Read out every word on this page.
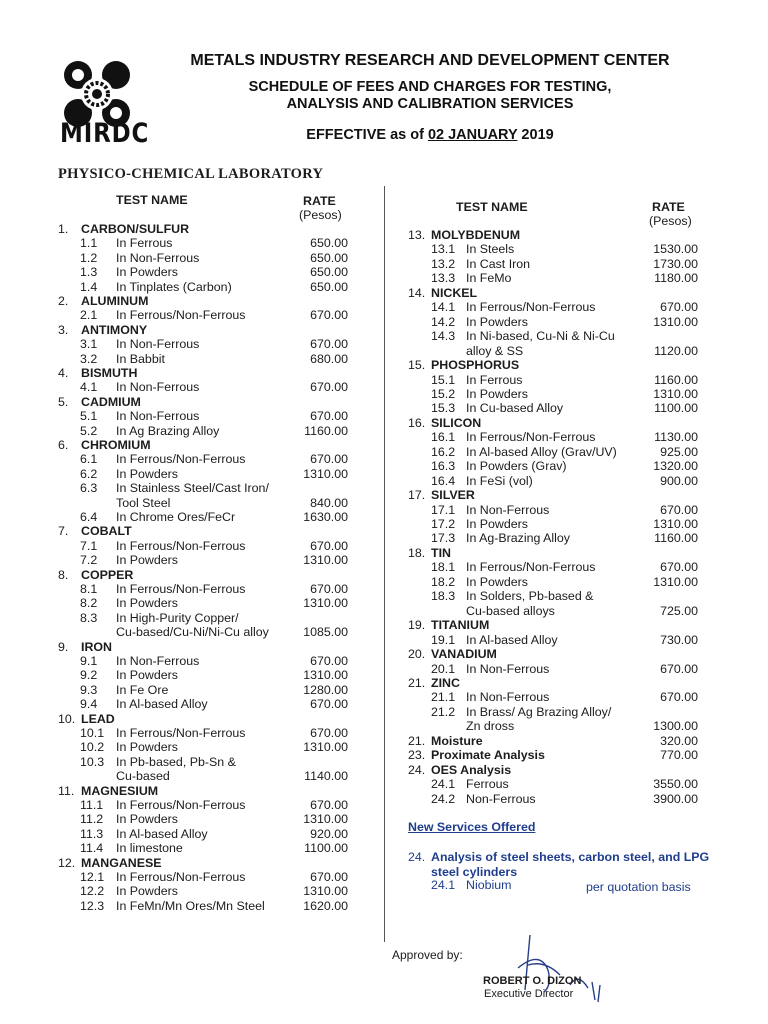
MIRDC
METALS INDUSTRY RESEARCH AND DEVELOPMENT CENTER
SCHEDULE OF FEES AND CHARGES FOR TESTING,
ANALYSIS AND CALIBRATION SERVICES
EFFECTIVE as of 02 JANUARY 2019
PHYSICO-CHEMICAL LABORATORY
TEST NAME	RATE
(Pesos)
TEST NAME	RATE
(Pesos)
1. CARBON/SULFUR
1.1 In Ferrous	650.00
1.2 In Non-Ferrous	650.00
1.3 In Powders	650.00
1.4 In Tinplates (Carbon)	650.00
2. ALUMINUM
2.1 In Ferrous/Non-Ferrous	670.00
3. ANTIMONY
3.1 In Non-Ferrous	670.00
3.2 In Babbit	680.00
4. BISMUTH
4.1 In Non-Ferrous	670.00
5. CADMIUM
5.1 In Non-Ferrous	670.00
5.2 In Ag Brazing Alloy	1160.00
6. CHROMIUM
6.1 In Ferrous/Non-Ferrous	670.00
6.2 In Powders	1310.00
6.3 In Stainless Steel/Cast Iron/
Tool Steel	840.00
6.4 In Chrome Ores/FeCr	1630.00
7. COBALT
7.1 In Ferrous/Non-Ferrous	670.00
7.2 In Powders	1310.00
8. COPPER
8.1 In Ferrous/Non-Ferrous	670.00
8.2 In Powders	1310.00
8.3 In High-Purity Copper/
Cu-based/Cu-Ni/Ni-Cu alloy	1085.00
9. IRON
9.1 In Non-Ferrous	670.00
9.2 In Powders	1310.00
9.3 In Fe Ore	1280.00
9.4 In Al-based Alloy	670.00
10. LEAD
10.1 In Ferrous/Non-Ferrous	670.00
10.2 In Powders	1310.00
10.3 In Pb-based, Pb-Sn &
Cu-based	1140.00
11. MAGNESIUM
11.1 In Ferrous/Non-Ferrous	670.00
11.2 In Powders	1310.00
11.3 In Al-based Alloy	920.00
11.4 In limestone	1100.00
12. MANGANESE
12.1 In Ferrous/Non-Ferrous	670.00
12.2 In Powders	1310.00
12.3 In FeMn/Mn Ores/Mn Steel	1620.00
13. MOLYBDENUM
13.1 In Steels	1530.00
13.2 In Cast Iron	1730.00
13.3 In FeMo	1180.00
14. NICKEL
14.1 In Ferrous/Non-Ferrous	670.00
14.2 In Powders	1310.00
14.3 In Ni-based, Cu-Ni & Ni-Cu
alloy & SS	1120.00
15. PHOSPHORUS
15.1 In Ferrous	1160.00
15.2 In Powders	1310.00
15.3 In Cu-based Alloy	1100.00
16. SILICON
16.1 In Ferrous/Non-Ferrous	1130.00
16.2 In Al-based Alloy (Grav/UV)	925.00
16.3 In Powders (Grav)	1320.00
16.4 In FeSi (vol)	900.00
17. SILVER
17.1 In Non-Ferrous	670.00
17.2 In Powders	1310.00
17.3 In Ag-Brazing Alloy	1160.00
18. TIN
18.1 In Ferrous/Non-Ferrous	670.00
18.2 In Powders	1310.00
18.3 In Solders, Pb-based &
Cu-based alloys	725.00
19. TITANIUM
19.1 In Al-based Alloy	730.00
20. VANADIUM
20.1 In Non-Ferrous	670.00
21. ZINC
21.1 In Non-Ferrous	670.00
21.2 In Brass/ Ag Brazing Alloy/
Zn dross	1300.00
21. Moisture	320.00
23. Proximate Analysis	770.00
24. OES Analysis
24.1 Ferrous	3550.00
24.2 Non-Ferrous	3900.00
New Services Offered
24. Analysis of steel sheets, carbon steel, and LPG steel cylinders
24.1 Niobium	per quotation basis
Approved by:
ROBERT O. DIZON
Executive Director
